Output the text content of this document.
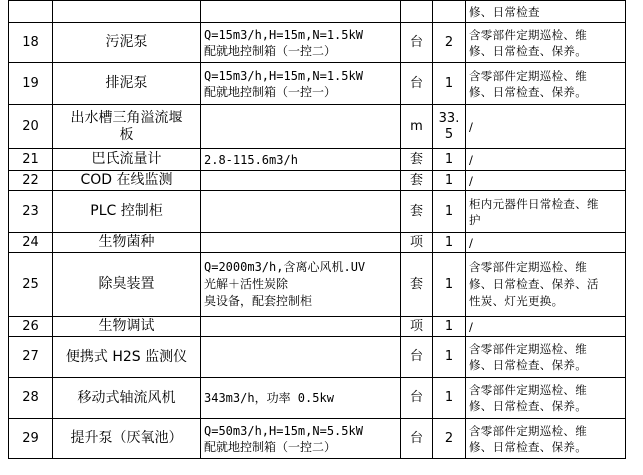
					修、日常检查
18	污泥泵	Q=15m3/h,H=15m,N=1.5kW
配就地控制箱（一控二）	台	2	含零部件定期巡检、维
修、日常检查、保养。
19	排泥泵	Q=15m3/h,H=15m,N=1.5kW
配就地控制箱（一控一）	台	1	含零部件定期巡检、维
修、日常检查、保养。
20	出水槽三角溢流堰
板		m	33.
5	/
21	巴氏流量计	2.8-115.6m3/h	套	1	/
22	COD 在线监测		套	1	/
23	PLC 控制柜		套	1	柜内元器件日常检查、维
护
24	生物菌种		项	1	/
25	除臭装置	Q=2000m3/h,含离心风机.UV
光解＋活性炭除
臭设备，配套控制柜	套	1	含零部件定期巡检、维
修、日常检查、保养、活
性炭、灯光更换。
26	生物调试		项	1	/
27	便携式 H2S 监测仪		台	1	含零部件定期巡检、维
修、日常检查、保养。
28	移动式轴流风机	343m3/h，功率 0.5kw	台	1	含零部件定期巡检、维
修、日常检查、保养。
29	提升泵（厌氧池）	Q=50m3/h,H=15m,N=5.5kW
配就地控制箱（一控二）	台	2	含零部件定期巡检、维
修、日常检查、保养。
